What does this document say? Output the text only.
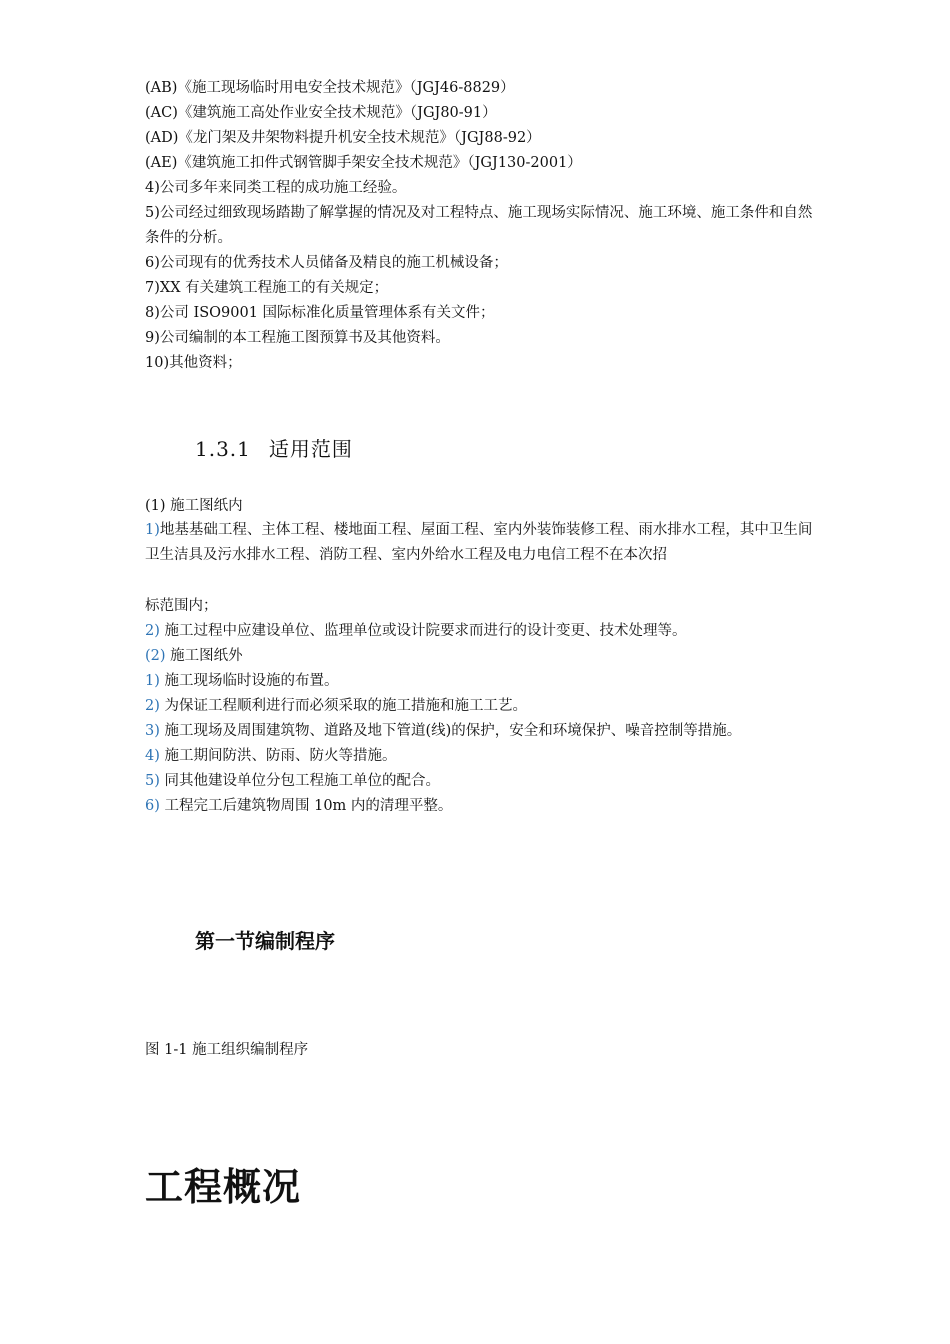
(AB)《施工现场临时用电安全技术规范》（JGJ46-8829）
(AC)《建筑施工高处作业安全技术规范》（JGJ80-91）
(AD)《龙门架及井架物料提升机安全技术规范》（JGJ88-92）
(AE)《建筑施工扣件式钢管脚手架安全技术规范》（JGJ130-2001）
4)公司多年来同类工程的成功施工经验。
5)公司经过细致现场踏勘了解掌握的情况及对工程特点、施工现场实际情况、施工环境、施工条件和自然条件的分析。
6)公司现有的优秀技术人员储备及精良的施工机械设备；
7)XX 有关建筑工程施工的有关规定；
8)公司 ISO9001 国际标准化质量管理体系有关文件；
9)公司编制的本工程施工图预算书及其他资料。
10)其他资料；
1.3.1 适用范围
(1) 施工图纸内
1)地基基础工程、主体工程、楼地面工程、屋面工程、室内外装饰装修工程、雨水排水工程，其中卫生间卫生洁具及污水排水工程、消防工程、室内外给水工程及电力电信工程不在本次招
标范围内；
2) 施工过程中应建设单位、监理单位或设计院要求而进行的设计变更、技术处理等。
(2) 施工图纸外
1) 施工现场临时设施的布置。
2) 为保证工程顺利进行而必须采取的施工措施和施工工艺。
3) 施工现场及周围建筑物、道路及地下管道(线)的保护，安全和环境保护、噪音控制等措施。
4) 施工期间防洪、防雨、防火等措施。
5) 同其他建设单位分包工程施工单位的配合。
6) 工程完工后建筑物周围 10m 内的清理平整。
第一节编制程序
图 1-1 施工组织编制程序
工程概况
